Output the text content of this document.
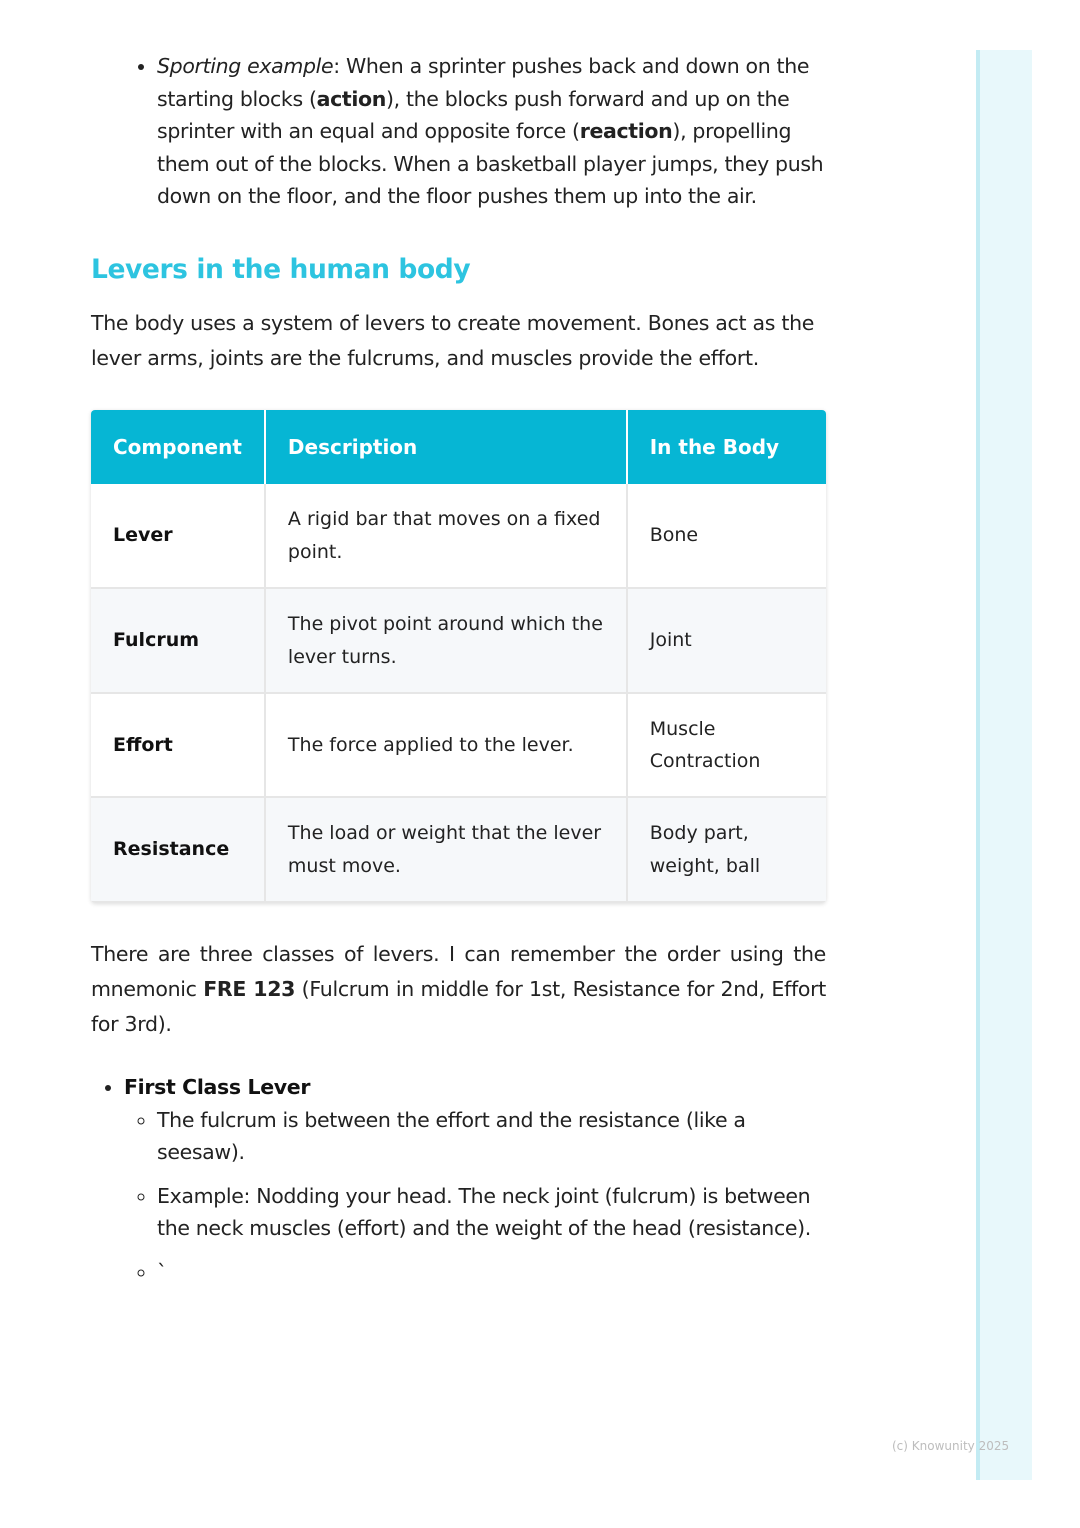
• Sporting example: When a sprinter pushes back and down on the starting blocks (action), the blocks push forward and up on the sprinter with an equal and opposite force (reaction), propelling them out of the blocks. When a basketball player jumps, they push down on the floor, and the floor pushes them up into the air.
Levers in the human body

The body uses a system of levers to create movement. Bones act as the lever arms, joints are the fulcrums, and muscles provide the effort.

Component	Description	In the Body
Lever	A rigid bar that moves on a fixed point.	Bone
Fulcrum	The pivot point around which the lever turns.	Joint
Effort	The force applied to the lever.	Muscle Contraction
Resistance	The load or weight that the lever must move.	Body part, weight, ball

There are three classes of levers. I can remember the order using the mnemonic FRE 123 (Fulcrum in middle for 1st, Resistance for 2nd, Effort for 3rd).

• First Class Lever
◦ The fulcrum is between the effort and the resistance (like a seesaw).
◦ Example: Nodding your head. The neck joint (fulcrum) is between the neck muscles (effort) and the weight of the head (resistance).
◦ `
(c) Knowunity 2025
